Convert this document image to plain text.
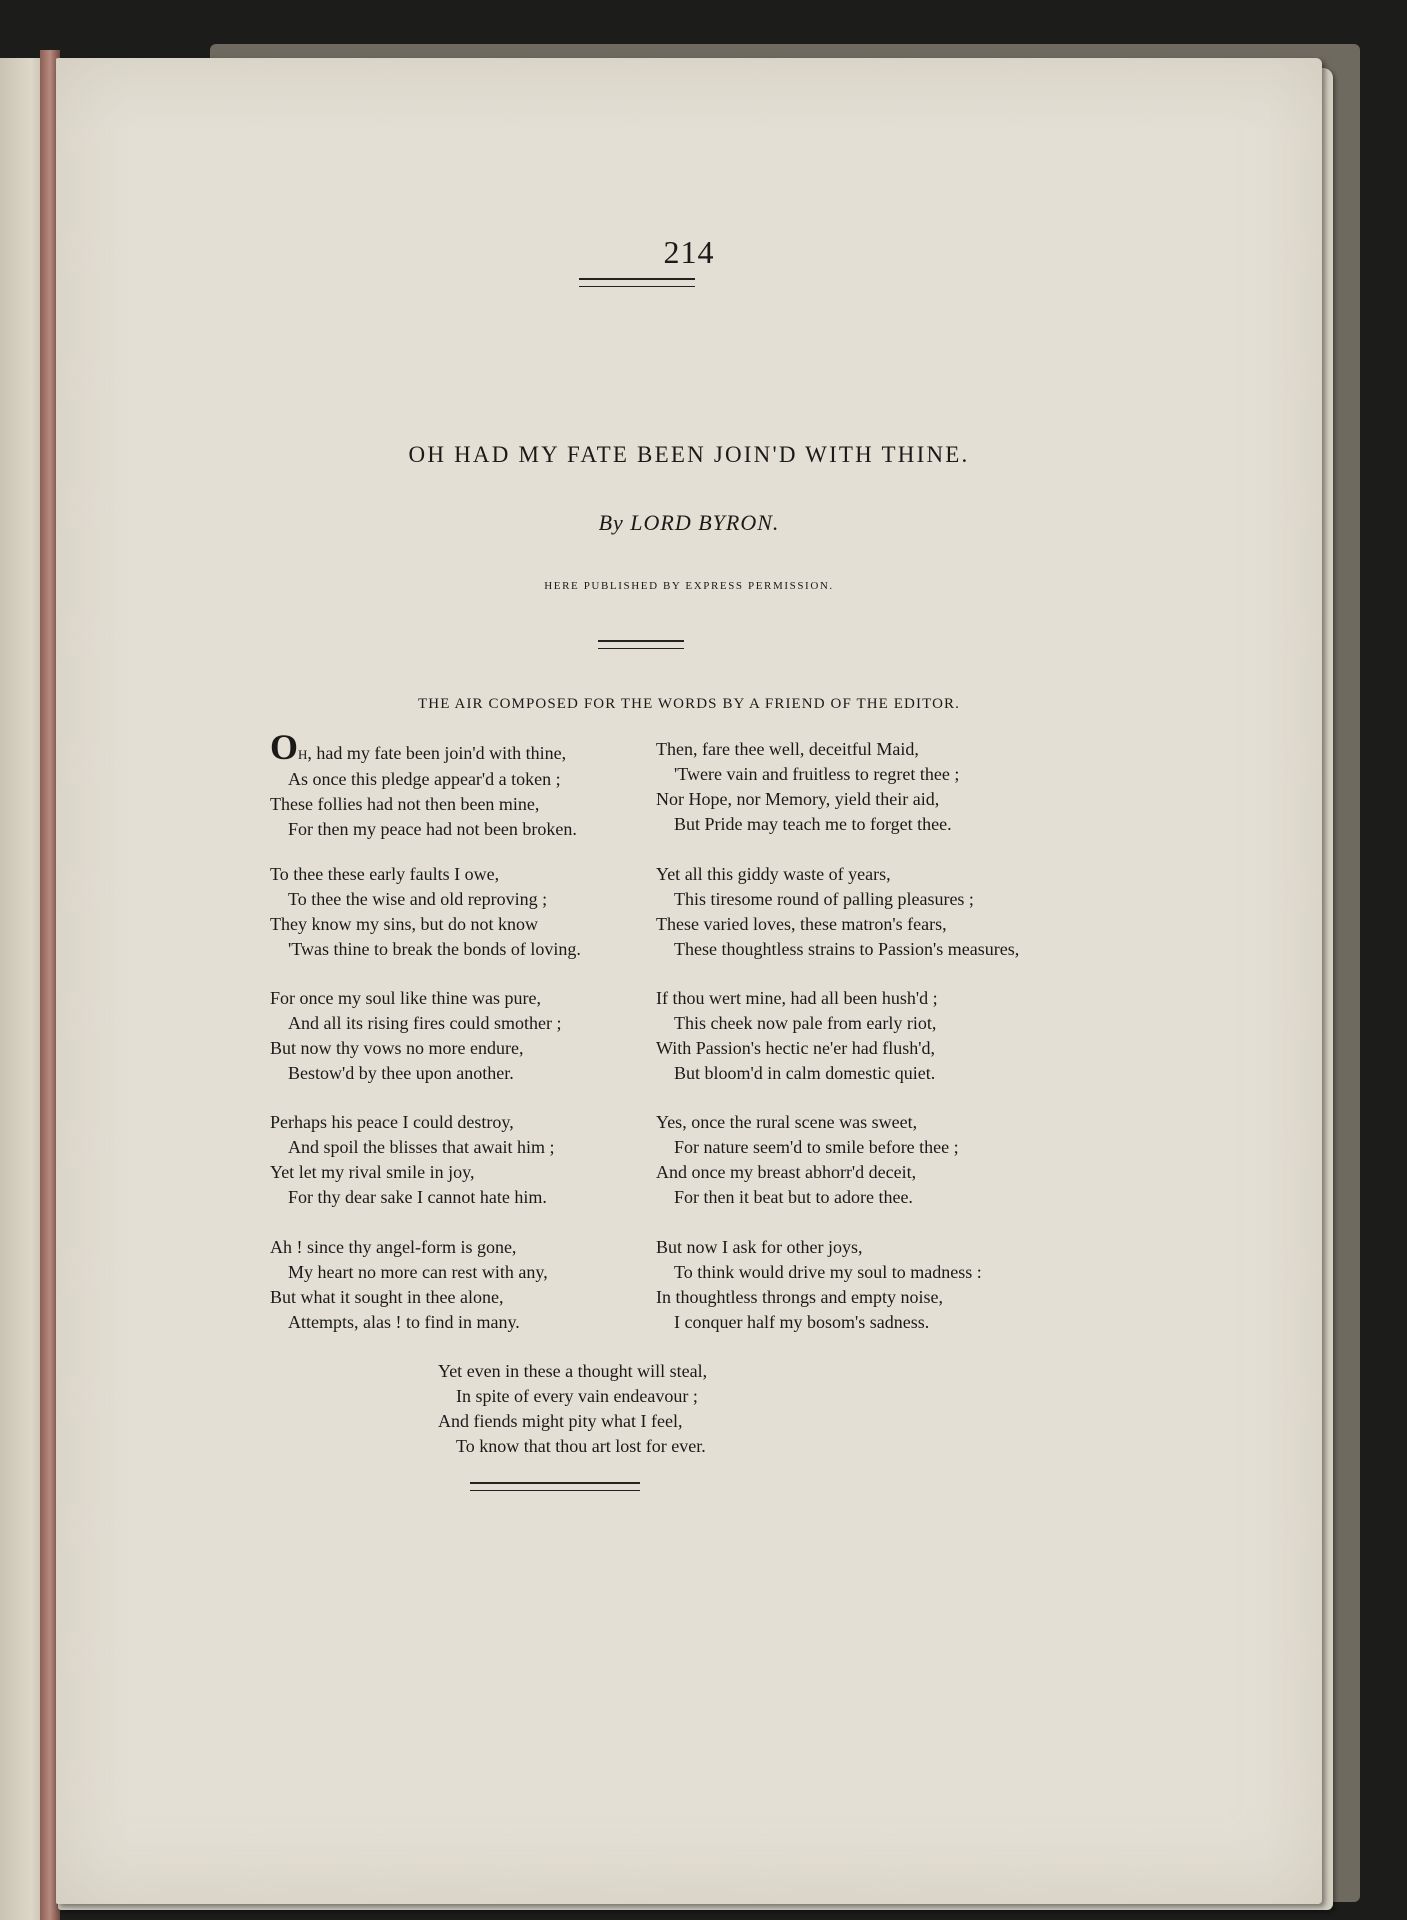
214
OH HAD MY FATE BEEN JOIN'D WITH THINE.
By LORD BYRON.
HERE PUBLISHED BY EXPRESS PERMISSION.
THE AIR COMPOSED FOR THE WORDS BY A FRIEND OF THE EDITOR.
OH, had my fate been join'd with thine,
As once this pledge appear'd a token ;
These follies had not then been mine,
For then my peace had not been broken.
To thee these early faults I owe,
To thee the wise and old reproving ;
They know my sins, but do not know
'Twas thine to break the bonds of loving.
For once my soul like thine was pure,
And all its rising fires could smother ;
But now thy vows no more endure,
Bestow'd by thee upon another.
Perhaps his peace I could destroy,
And spoil the blisses that await him ;
Yet let my rival smile in joy,
For thy dear sake I cannot hate him.
Ah ! since thy angel-form is gone,
My heart no more can rest with any,
But what it sought in thee alone,
Attempts, alas ! to find in many.
Then, fare thee well, deceitful Maid,
'Twere vain and fruitless to regret thee ;
Nor Hope, nor Memory, yield their aid,
But Pride may teach me to forget thee.
Yet all this giddy waste of years,
This tiresome round of palling pleasures ;
These varied loves, these matron's fears,
These thoughtless strains to Passion's measures,
If thou wert mine, had all been hush'd ;
This cheek now pale from early riot,
With Passion's hectic ne'er had flush'd,
But bloom'd in calm domestic quiet.
Yes, once the rural scene was sweet,
For nature seem'd to smile before thee ;
And once my breast abhorr'd deceit,
For then it beat but to adore thee.
But now I ask for other joys,
To think would drive my soul to madness :
In thoughtless throngs and empty noise,
I conquer half my bosom's sadness.
Yet even in these a thought will steal,
In spite of every vain endeavour ;
And fiends might pity what I feel,
To know that thou art lost for ever.
